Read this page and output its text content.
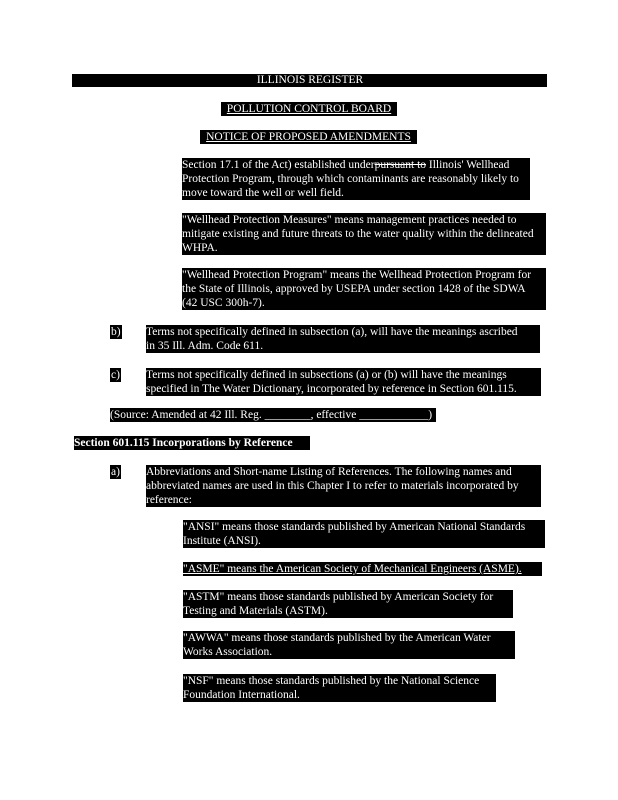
ILLINOIS REGISTER
POLLUTION CONTROL BOARD
NOTICE OF PROPOSED AMENDMENTS
Section 17.1 of the Act) established underpursuant to Illinois' Wellhead
Protection Program, through which contaminants are reasonably likely to
move toward the well or well field.
"Wellhead Protection Measures" means management practices needed to
mitigate existing and future threats to the water quality within the delineated
WHPA.
"Wellhead Protection Program" means the Wellhead Protection Program for
the State of Illinois, approved by USEPA under section 1428 of the SDWA
(42 USC 300h-7).
b) Terms not specifically defined in subsection (a), will have the meanings ascribed
in 35 Ill. Adm. Code 611.
c) Terms not specifically defined in subsections (a) or (b) will have the meanings
specified in The Water Dictionary, incorporated by reference in Section 601.115.
(Source: Amended at 42 Ill. Reg. ________, effective ____________)
Section 601.115 Incorporations by Reference
a) Abbreviations and Short-name Listing of References. The following names and
abbreviated names are used in this Chapter I to refer to materials incorporated by
reference:
"ANSI" means those standards published by American National Standards
Institute (ANSI).
"ASME" means the American Society of Mechanical Engineers (ASME).
"ASTM" means those standards published by American Society for
Testing and Materials (ASTM).
"AWWA" means those standards published by the American Water
Works Association.
"NSF" means those standards published by the National Science
Foundation International.
